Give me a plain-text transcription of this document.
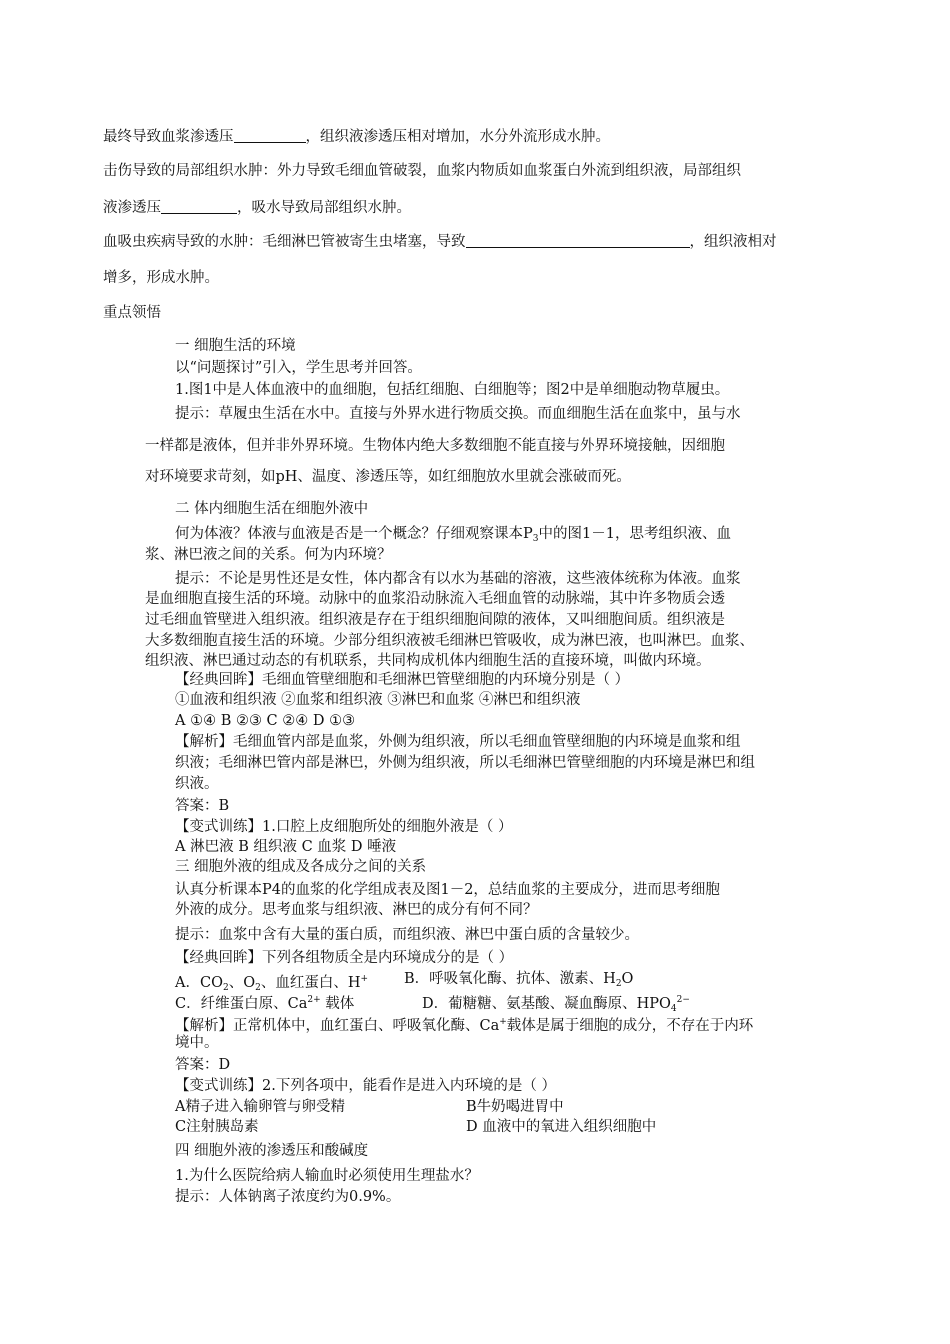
最终导致血浆渗透压	，组织液渗透压相对增加，水分外流形成水肿。
击伤导致的局部组织水肿：外力导致毛细血管破裂，血浆内物质如血浆蛋白外流到组织液，局部组织
液渗透压	，吸水导致局部组织水肿。
血吸虫疾病导致的水肿：毛细淋巴管被寄生虫堵塞，导致	，组织液相对
增多，形成水肿。
重点领悟
一 细胞生活的环境
以“问题探讨”引入，学生思考并回答。
1.图1中是人体血液中的血细胞，包括红细胞、白细胞等；图2中是单细胞动物草履虫。
提示：草履虫生活在水中。直接与外界水进行物质交换。而血细胞生活在血浆中，虽与水
一样都是液体，但并非外界环境。生物体内绝大多数细胞不能直接与外界环境接触，因细胞
对环境要求苛刻，如pH、温度、渗透压等，如红细胞放水里就会涨破而死。
二 体内细胞生活在细胞外液中
何为体液？体液与血液是否是一个概念？仔细观察课本$P_3$中的图1－1，思考组织液、血
浆、淋巴液之间的关系。何为内环境？
提示：不论是男性还是女性，体内都含有以水为基础的溶液，这些液体统称为体液。血浆
是血细胞直接生活的环境。动脉中的血浆沿动脉流入毛细血管的动脉端，其中许多物质会透
过毛细血管壁进入组织液。组织液是存在于组织细胞间隙的液体，又叫细胞间质。组织液是
大多数细胞直接生活的环境。少部分组织液被毛细淋巴管吸收，成为淋巴液，也叫淋巴。血浆、
组织液、淋巴通过动态的有机联系，共同构成机体内细胞生活的直接环境，叫做内环境。
【经典回眸】毛细血管壁细胞和毛细淋巴管壁细胞的内环境分别是（ ）
①血液和组织液 ②血浆和组织液 ③淋巴和血浆 ④淋巴和组织液
A ①④ B ②③ C ②④ D ①③
【解析】毛细血管内部是血浆，外侧为组织液，所以毛细血管壁细胞的内环境是血浆和组
织液；毛细淋巴管内部是淋巴，外侧为组织液，所以毛细淋巴管壁细胞的内环境是淋巴和组
织液。
答案：B
【变式训练】1.口腔上皮细胞所处的细胞外液是（ ）
A 淋巴液 B 组织液 C 血浆 D 唾液
三 细胞外液的组成及各成分之间的关系
认真分析课本P4的血浆的化学组成表及图1－2，总结血浆的主要成分，进而思考细胞
外液的成分。思考血浆与组织液、淋巴的成分有何不同？
提示：血浆中含有大量的蛋白质，而组织液、淋巴中蛋白质的含量较少。
【经典回眸】下列各组物质全是内环境成分的是（ ）
A．$CO_2$、$O_2$、血红蛋白、H+ B．呼吸氧化酶、抗体、激素、$H_2O$
C．纤维蛋白原、$Ca^{2+}$ 载体	D．葡糖糖、氨基酸、凝血酶原、$HPO_4^{2-}$
【解析】正常机体中，血红蛋白、呼吸氧化酶、Ca+载体是属于细胞的成分，不存在于内环
境中。
答案：D
【变式训练】2.下列各项中，能看作是进入内环境的是（ ）
A精子进入输卵管与卵受精	B牛奶喝进胃中
C注射胰岛素	D 血液中的氧进入组织细胞中
四 细胞外液的渗透压和酸碱度
1.为什么医院给病人输血时必须使用生理盐水？
提示：人体钠离子浓度约为0.9%。
